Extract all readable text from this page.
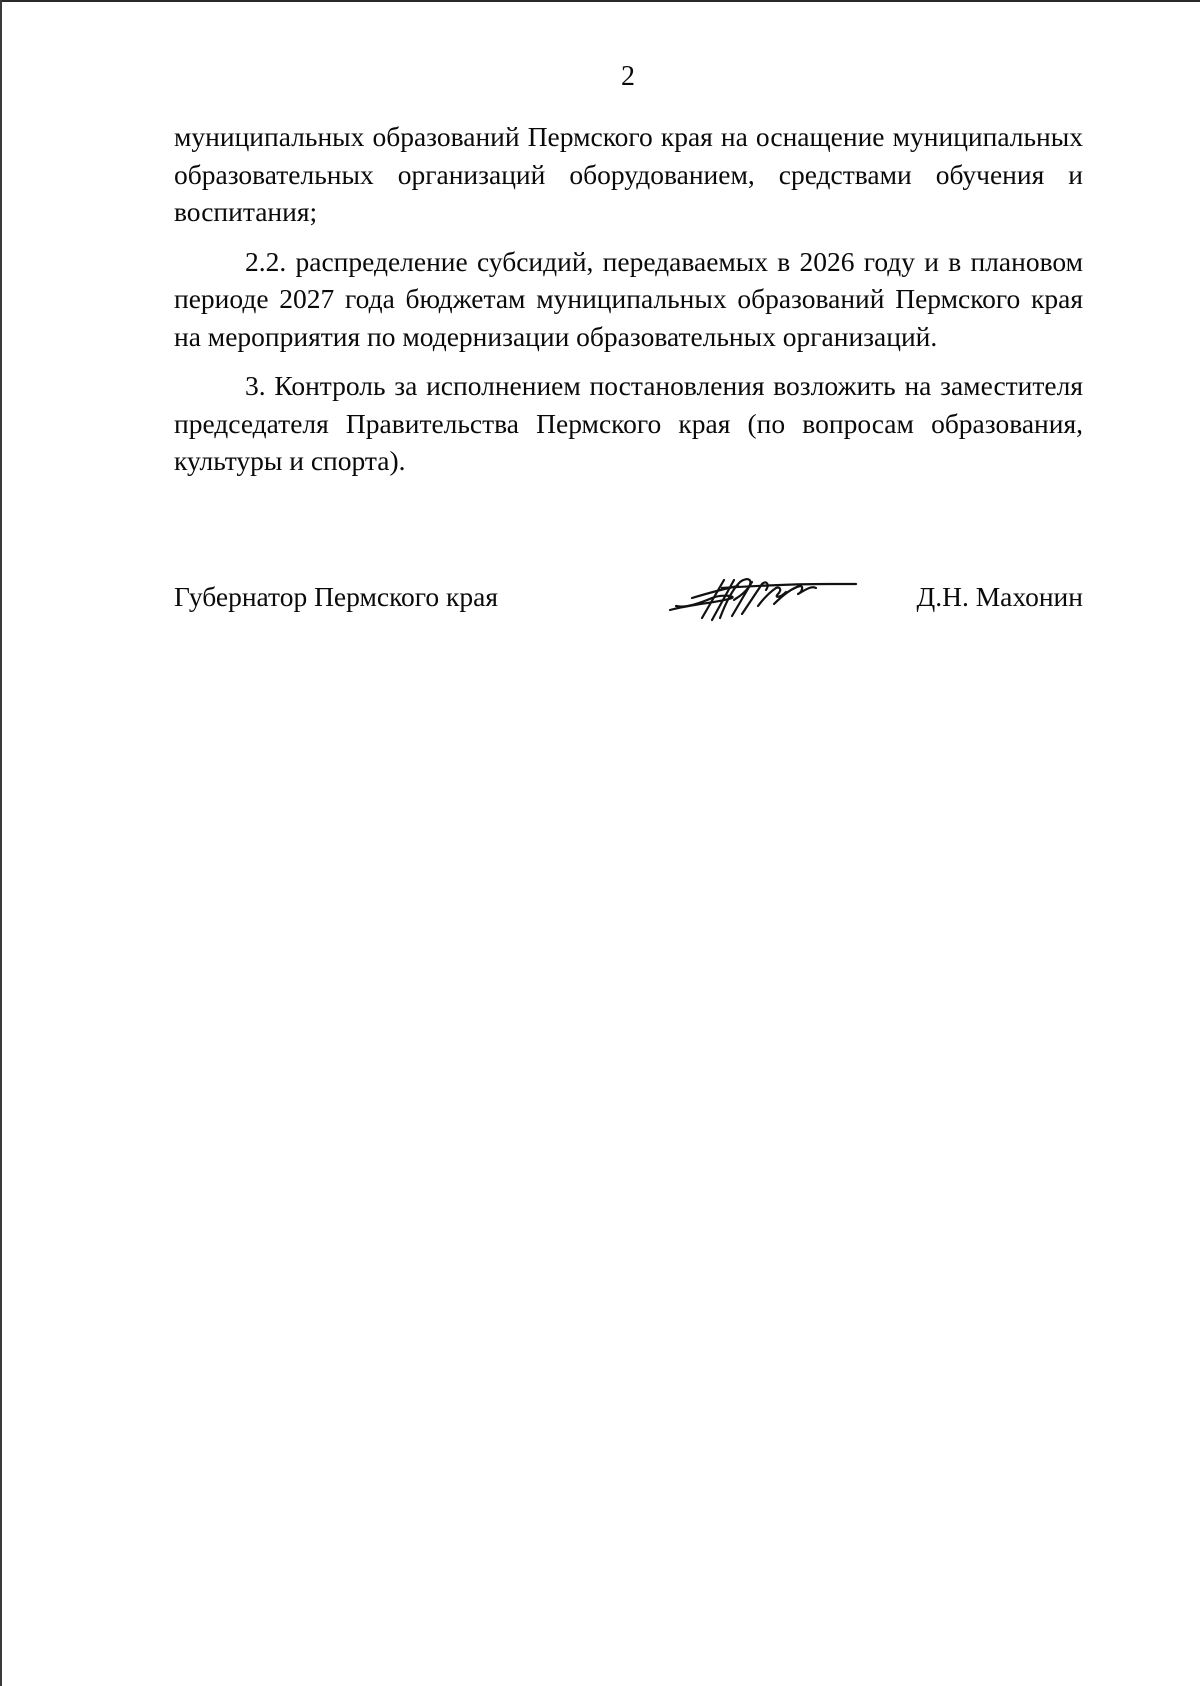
2

муниципальных образований Пермского края на оснащение муниципальных образовательных организаций оборудованием, средствами обучения и воспитания;

2.2. распределение субсидий, передаваемых в 2026 году и в плановом периоде 2027 года бюджетам муниципальных образований Пермского края на мероприятия по модернизации образовательных организаций.

3. Контроль за исполнением постановления возложить на заместителя председателя Правительства Пермского края (по вопросам образования, культуры и спорта).

Губернатор Пермского края	Д.Н. Махонин
